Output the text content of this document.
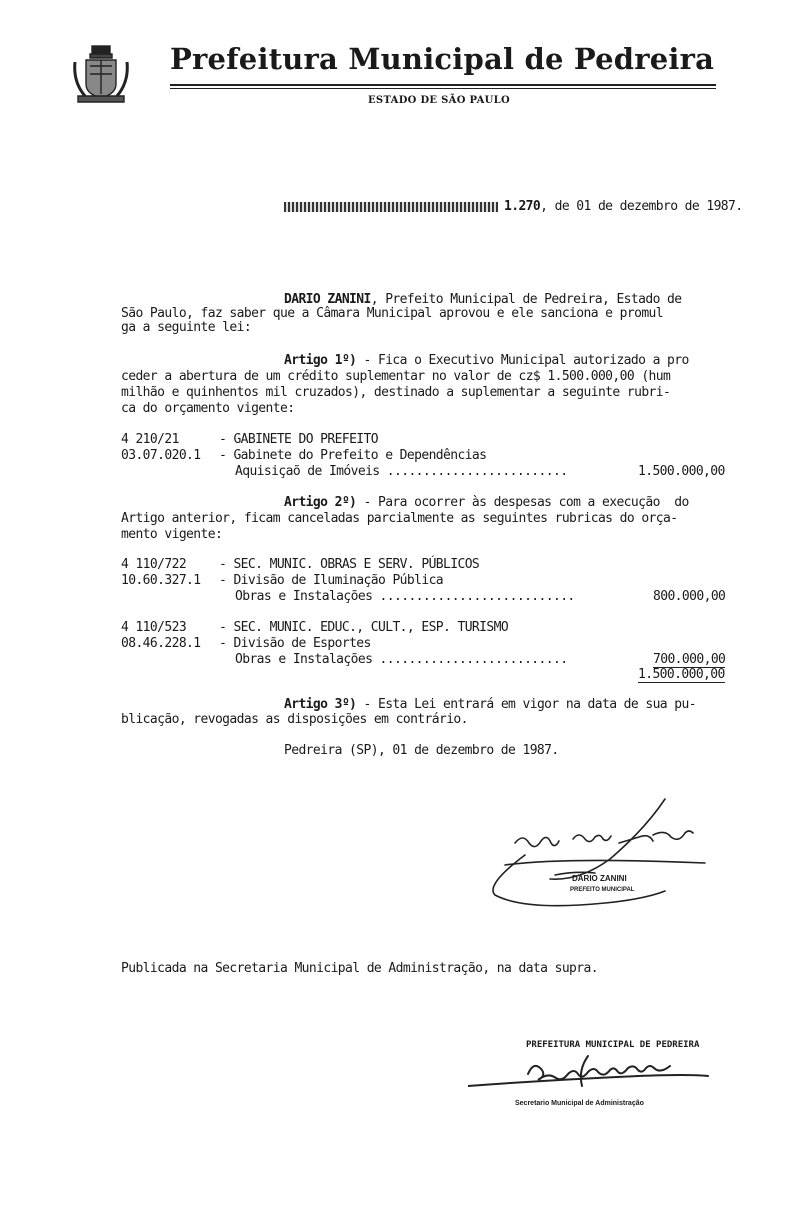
Prefeitura Municipal de Pedreira
ESTADO DE SÃO PAULO
1.270, de 01 de dezembro de 1987.
DARIO ZANINI, Prefeito Municipal de Pedreira, Estado de
São Paulo, faz saber que a Câmara Municipal aprovou e ele sanciona e promul
ga a seguinte lei:
Artigo 1º) - Fica o Executivo Municipal autorizado a pro
ceder a abertura de um crédito suplementar no valor de cz$ 1.500.000,00 (hum
milhão e quinhentos mil cruzados), destinado a suplementar a seguinte rubri-
ca do orçamento vigente:
4 210/21	- GABINETE DO PREFEITO
03.07.020.1 - Gabinete do Prefeito e Dependências
Aquisiçaõ de Imóveis .........................	1.500.000,00
Artigo 2º) - Para ocorrer às despesas com a execução  do
Artigo anterior, ficam canceladas parcialmente as seguintes rubricas do orça-
mento vigente:
4 110/722	- SEC. MUNIC. OBRAS E SERV. PÚBLICOS
10.60.327.1 - Divisão de Iluminação Pública
Obras e Instalações ...........................	800.000,00
4 110/523	- SEC. MUNIC. EDUC., CULT., ESP. TURISMO
08.46.228.1 - Divisão de Esportes
Obras e Instalações ..........................	700.000,00
1.500.000,00
Artigo 3º) - Esta Lei entrará em vigor na data de sua pu-
blicação, revogadas as disposições em contrário.
Pedreira (SP), 01 de dezembro de 1987.
DARIO ZANINI
PREFEITO MUNICIPAL
Publicada na Secretaria Municipal de Administração, na data supra.
PREFEITURA MUNICIPAL DE PEDREIRA
Secretario Municipal de Administração
